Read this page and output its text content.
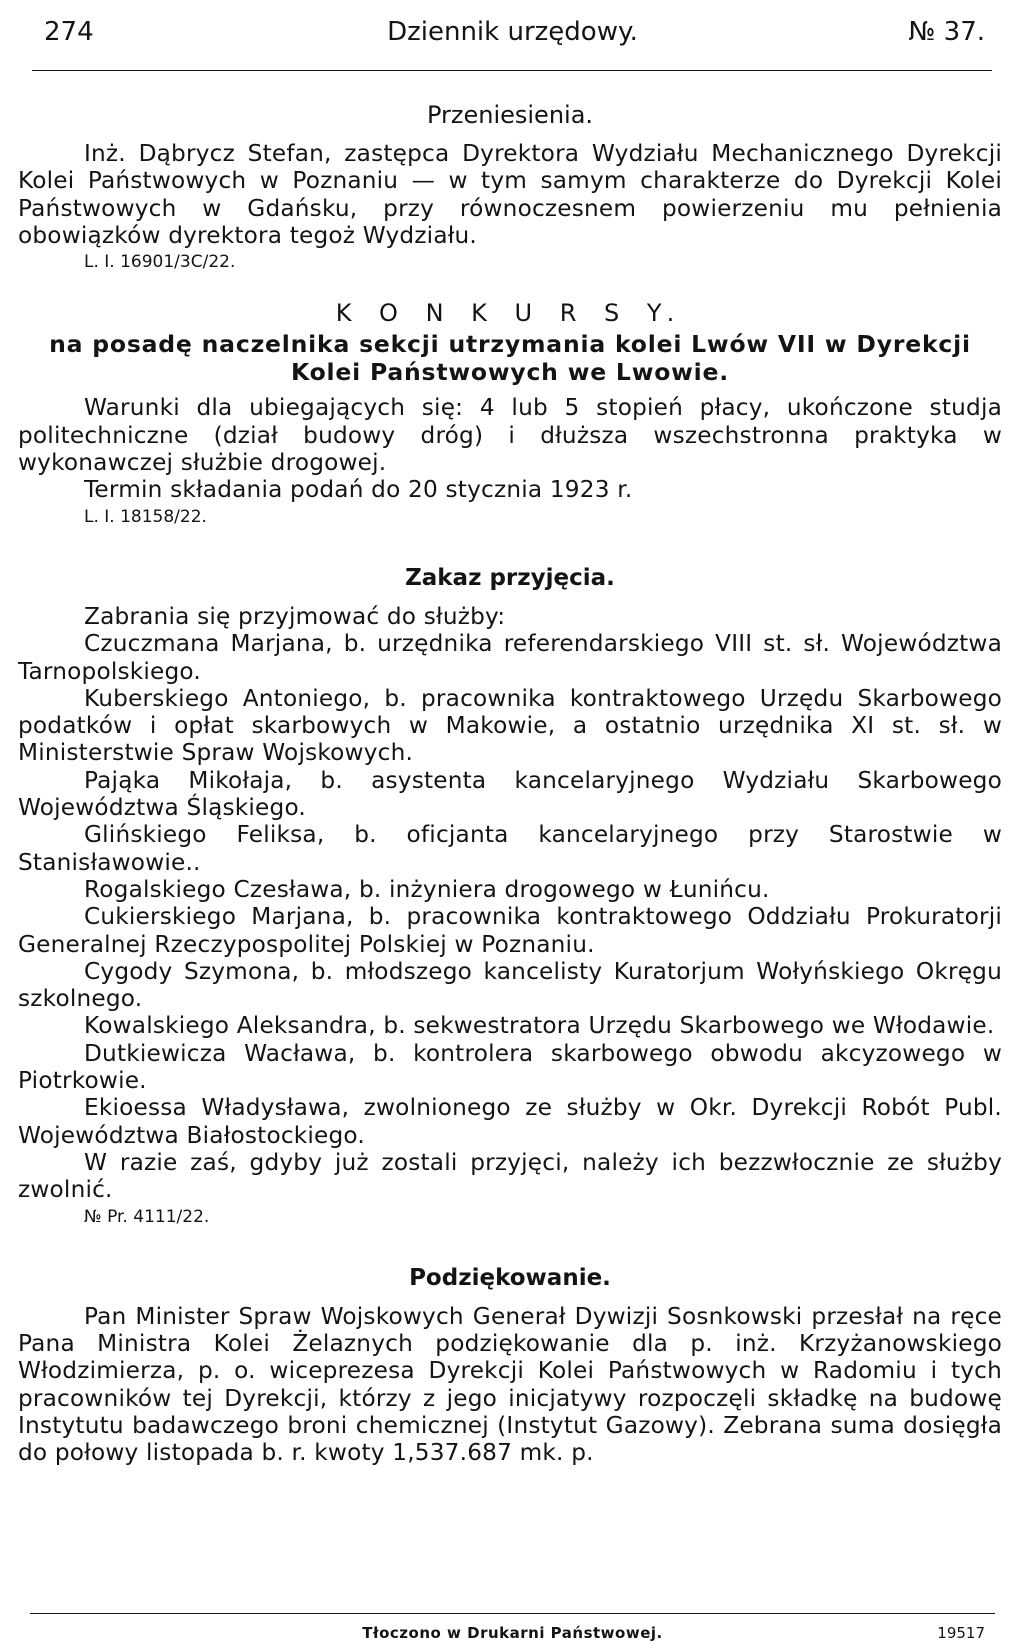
274	Dziennik urzędowy.	№ 37.
Przeniesienia.

Inż. Dąbrycz Stefan, zastępca Dyrektora Wydziału Mechanicznego Dyrekcji Kolei Państwowych w Poznaniu — w tym samym charakterze do Dyrekcji Kolei Państwowych w Gdańsku, przy równoczesnem powierzeniu mu pełnienia obowiązków dyrektora tegoż Wydziału.

L. I. 16901/3C/22.
K O N K U R S Y.
na posadę naczelnika sekcji utrzymania kolei Lwów VII w Dyrekcji Kolei Państwowych we Lwowie.

Warunki dla ubiegających się: 4 lub 5 stopień płacy, ukończone studja politechniczne (dział budowy dróg) i dłuższa wszechstronna praktyka w wykonawczej służbie drogowej.

Termin składania podań do 20 stycznia 1923 r.

L. I. 18158/22.
Zakaz przyjęcia.

Zabrania się przyjmować do służby:

Czuczmana Marjana, b. urzędnika referendarskiego VIII st. sł. Województwa Tarnopolskiego.

Kuberskiego Antoniego, b. pracownika kontraktowego Urzędu Skarbowego podatków i opłat skarbowych w Makowie, a ostatnio urzędnika XI st. sł. w Ministerstwie Spraw Wojskowych.

Pająka Mikołaja, b. asystenta kancelaryjnego Wydziału Skarbowego Województwa Śląskiego.

Glińskiego Feliksa, b. oficjanta kancelaryjnego przy Starostwie w Stanisławowie..

Rogalskiego Czesława, b. inżyniera drogowego w Łunińcu.

Cukierskiego Marjana, b. pracownika kontraktowego Oddziału Prokuratorji Generalnej Rzeczypospolitej Polskiej w Poznaniu.

Cygody Szymona, b. młodszego kancelisty Kuratorjum Wołyńskiego Okręgu szkolnego.

Kowalskiego Aleksandra, b. sekwestratora Urzędu Skarbowego we Włodawie.

Dutkiewicza Wacława, b. kontrolera skarbowego obwodu akcyzowego w Piotrkowie.

Ekioessa Władysława, zwolnionego ze służby w Okr. Dyrekcji Robót Publ. Województwa Białostockiego.

W razie zaś, gdyby już zostali przyjęci, należy ich bezzwłocznie ze służby zwolnić.

№ Pr. 4111/22.
Podziękowanie.

Pan Minister Spraw Wojskowych Generał Dywizji Sosnkowski przesłał na ręce Pana Ministra Kolei Żelaznych podziękowanie dla p. inż. Krzyżanowskiego Włodzimierza, p. o. wiceprezesa Dyrekcji Kolei Państwowych w Radomiu i tych pracowników tej Dyrekcji, którzy z jego inicjatywy rozpoczęli składkę na budowę Instytutu badawczego broni chemicznej (Instytut Gazowy). Zebrana suma dosięgła do połowy listopada b. r. kwoty 1,537.687 mk. p.

Tłoczono w Drukarni Państwowej.	19517
